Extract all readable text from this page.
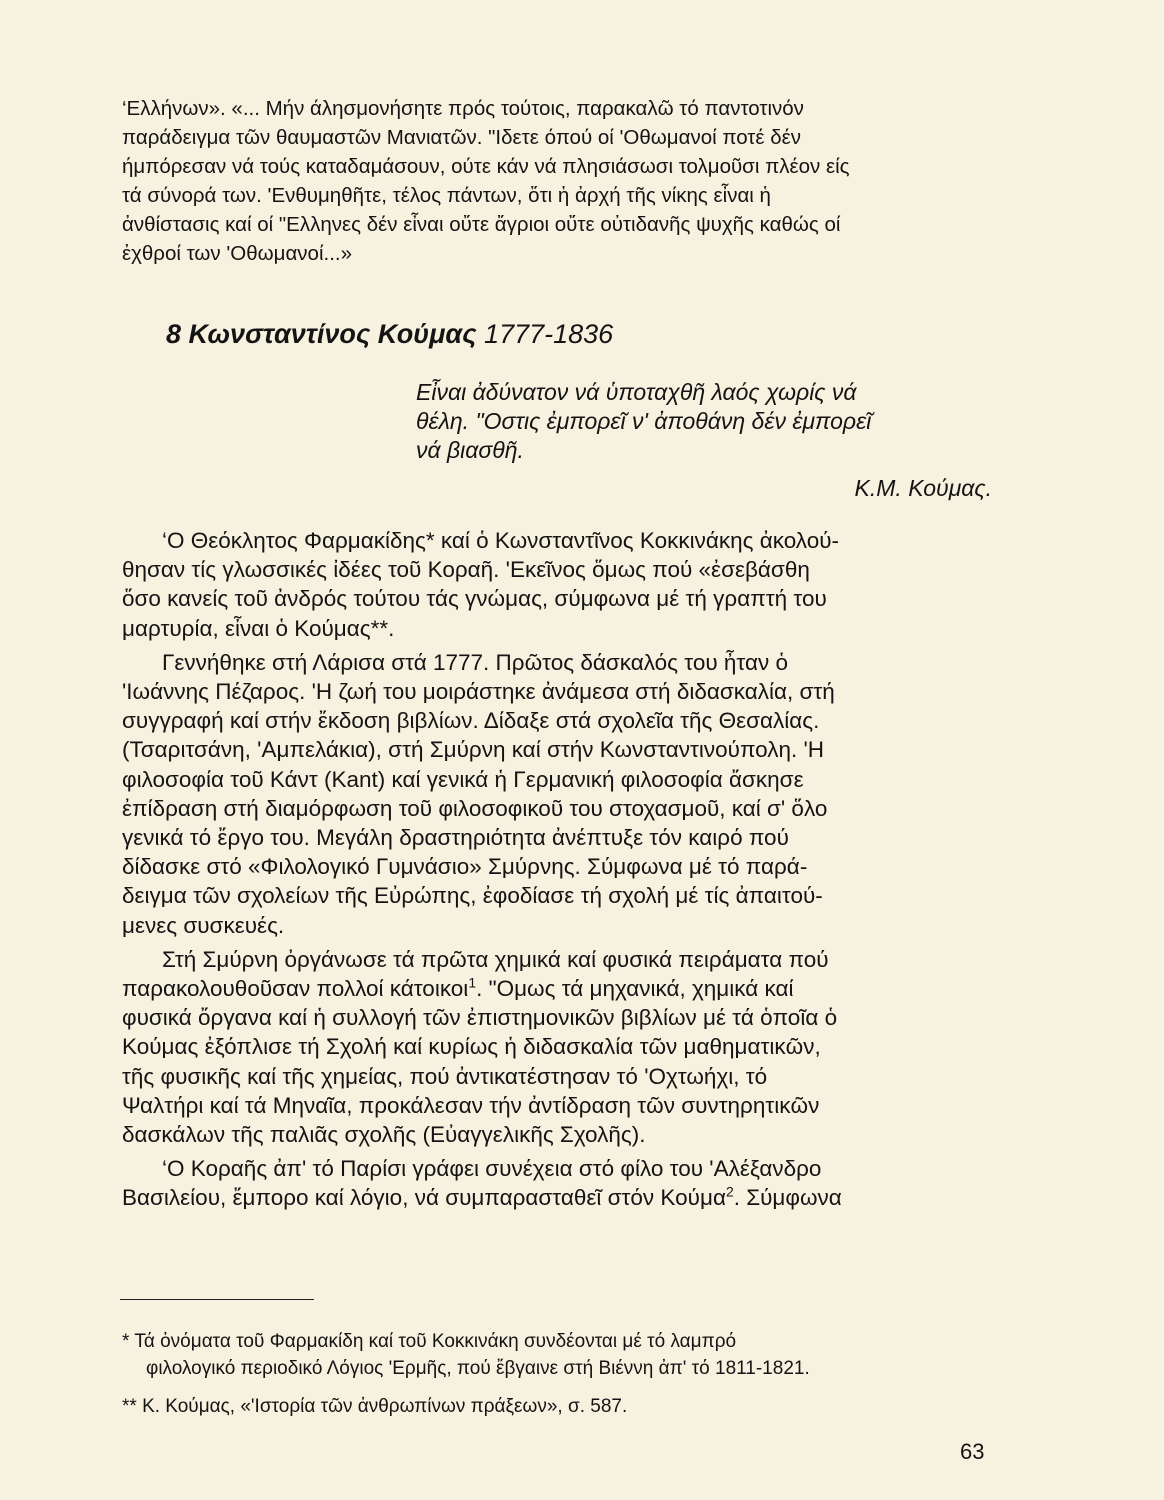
‘Ελλήνων». «... Μήν άλησμονήσητε πρός τούτοις, παρακαλῶ τό παντοτινόν
παράδειγμα τῶν θαυμαστῶν Μανιατῶν. "Ιδετε όπού οί 'Οθωμανοί ποτέ δέν
ήμπόρεσαν νά τούς καταδαμάσουν, ούτε κάν νά πλησιάσωσι τολμοῦσι πλέον είς
τά σύνορά των. 'Ενθυμηθῆτε, τέλος πάντων, ὅτι ἡ ἀρχή τῆς νίκης εἶναι ἡ
ἀνθίστασις καί οί "Ελληνες δέν εἶναι οὔτε ἄγριοι οὔτε οὐτιδανῆς ψυχῆς καθώς οί
ἐχθροί των 'Οθωμανοί...»
8 Κωνσταντίνος Κούμας 1777-1836
Εἶναι ἀδύνατον νά ὑποταχθῆ λαός χωρίς νά
θέλη. "Οστις ἐμπορεῖ ν' ἀποθάνη δέν ἐμπορεῖ
νά βιασθῆ.
Κ.Μ. Κούμας.
‘Ο Θεόκλητος Φαρμακίδης* καί ὁ Κωνσταντῖνος Κοκκινάκης ἀκολού-
θησαν τίς γλωσσικές ἰδέες τοῦ Κοραῆ. 'Εκεῖνος ὅμως πού «ἐσεβάσθη
ὅσο κανείς τοῦ ἀνδρός τούτου τάς γνώμας, σύμφωνα μέ τή γραπτή του
μαρτυρία, εἶναι ὁ Κούμας**.
Γεννήθηκε στή Λάρισα στά 1777. Πρῶτος δάσκαλός του ἦταν ὁ
'Ιωάννης Πέζαρος. 'Η ζωή του μοιράστηκε ἀνάμεσα στή διδασκαλία, στή
συγγραφή καί στήν ἔκδοση βιβλίων. Δίδαξε στά σχολεῖα τῆς Θεσαλίας.
(Τσαριτσάνη, 'Αμπελάκια), στή Σμύρνη καί στήν Κωνσταντινούπολη. 'Η
φιλοσοφία τοῦ Κάντ (Kant) καί γενικά ἡ Γερμανική φιλοσοφία ἄσκησε
ἐπίδραση στή διαμόρφωση τοῦ φιλοσοφικοῦ του στοχασμοῦ, καί σ' ὅλο
γενικά τό ἔργο του. Μεγάλη δραστηριότητα ἀνέπτυξε τόν καιρό πού
δίδασκε στό «Φιλολογικό Γυμνάσιο» Σμύρνης. Σύμφωνα μέ τό παρά-
δειγμα τῶν σχολείων τῆς Εὐρώπης, ἐφοδίασε τή σχολή μέ τίς ἀπαιτού-
μενες συσκευές.
Στή Σμύρνη ὀργάνωσε τά πρῶτα χημικά καί φυσικά πειράματα πού
παρακολουθοῦσαν πολλοί κάτοικοι$^1$. "Ομως τά μηχανικά, χημικά καί
φυσικά ὄργανα καί ἡ συλλογή τῶν ἐπιστημονικῶν βιβλίων μέ τά ὁποῖα ὁ
Κούμας ἐξόπλισε τή Σχολή καί κυρίως ἡ διδασκαλία τῶν μαθηματικῶν,
τῆς φυσικῆς καί τῆς χημείας, πού ἀντικατέστησαν τό 'Οχτωήχι, τό
Ψαλτήρι καί τά Μηναῖα, προκάλεσαν τήν ἀντίδραση τῶν συντηρητικῶν
δασκάλων τῆς παλιᾶς σχολῆς (Εὐαγγελικῆς Σχολῆς).
‘Ο Κοραῆς ἀπ' τό Παρίσι γράφει συνέχεια στό φίλο του 'Αλέξανδρο
Βασιλείου, ἔμπορο καί λόγιο, νά συμπαρασταθεῖ στόν Κούμα$^2$. Σύμφωνα
* Τά ὀνόματα τοῦ Φαρμακίδη καί τοῦ Κοκκινάκη συνδέονται μέ τό λαμπρό
φιλολογικό περιοδικό Λόγιος 'Ερμῆς, πού ἔβγαινε στή Βιέννη ἀπ' τό 1811-1821.
** Κ. Κούμας, «'Ιστορία τῶν ἀνθρωπίνων πράξεων», σ. 587.
63
